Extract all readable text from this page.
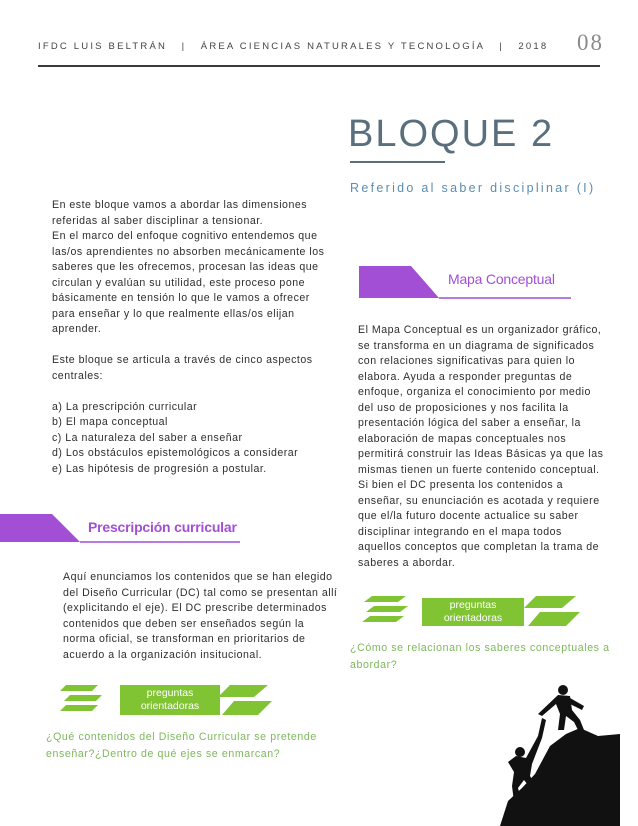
IFDC LUIS BELTRÁN   |   ÁREA CIENCIAS NATURALES Y TECNOLOGÍA   |   2018 08
BLOQUE 2
Referido al saber disciplinar (I)

En este bloque vamos a abordar las dimensiones
referidas al saber disciplinar a tensionar.
En el marco del enfoque cognitivo entendemos que
las/os aprendientes no absorben mecánicamente los
saberes que les ofrecemos, procesan las ideas que
circulan y evalúan su utilidad, este proceso pone
básicamente en tensión lo que le vamos a ofrecer
para enseñar y lo que realmente ellas/os elijan
aprender.

Este bloque se articula a través de cinco aspectos
centrales:

a) La prescripción curricular
b) El mapa conceptual
c) La naturaleza del saber a enseñar
d) Los obstáculos epistemológicos a considerar
e) Las hipótesis de progresión a postular.

Prescripción curricular

Aquí enunciamos los contenidos que se han elegido
del Diseño Curricular (DC) tal como se presentan allí
(explicitando el eje). El DC prescribe determinados
contenidos que deben ser enseñados según la
norma oficial, se transforman en prioritarios de
acuerdo a la organización insitucional.

preguntas
orientadoras

¿Qué contenidos del Diseño Curricular se pretende
enseñar?¿Dentro de qué ejes se enmarcan?

Mapa Conceptual

El Mapa Conceptual es un organizador gráfico,
se transforma en un diagrama de significados
con relaciones significativas para quien lo
elabora. Ayuda a responder preguntas de
enfoque, organiza el conocimiento por medio
del uso de proposiciones y nos facilita la
presentación lógica del saber a enseñar, la
elaboración de mapas conceptuales nos
permitirá construir las Ideas Básicas ya que las
mismas tienen un fuerte contenido conceptual.
Si bien el DC presenta los contenidos a
enseñar, su enunciación es acotada y requiere
que el/la futuro docente actualice su saber
disciplinar integrando en el mapa todos
aquellos conceptos que completan la trama de
saberes a abordar.

preguntas
orientadoras

¿Cómo se relacionan los saberes conceptuales a
abordar?
